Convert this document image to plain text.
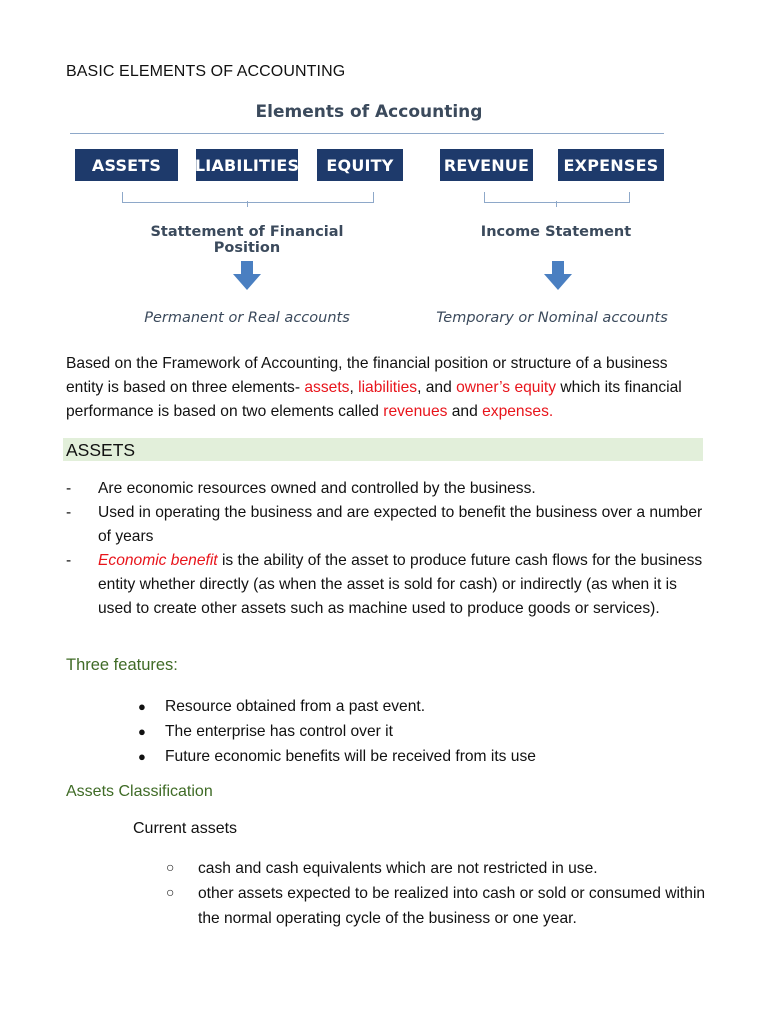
BASIC ELEMENTS OF ACCOUNTING
Elements of Accounting
ASSETS	LIABILITIES	EQUITY	REVENUE	EXPENSES
Stattement of Financial Position
Income Statement
Permanent or Real accounts	Temporary or Nominal accounts
Based on the Framework of Accounting, the financial position or structure of a business entity is based on three elements- assets, liabilities, and owner’s equity which its financial performance is based on two elements called revenues and expenses.
ASSETS
- Are economic resources owned and controlled by the business.
- Used in operating the business and are expected to benefit the business over a number of years
- Economic benefit is the ability of the asset to produce future cash flows for the business entity whether directly (as when the asset is sold for cash) or indirectly (as when it is used to create other assets such as machine used to produce goods or services).
Three features:
● Resource obtained from a past event.
● The enterprise has control over it
● Future economic benefits will be received from its use
Assets Classification
Current assets
○ cash and cash equivalents which are not restricted in use.
○ other assets expected to be realized into cash or sold or consumed within the normal operating cycle of the business or one year.
